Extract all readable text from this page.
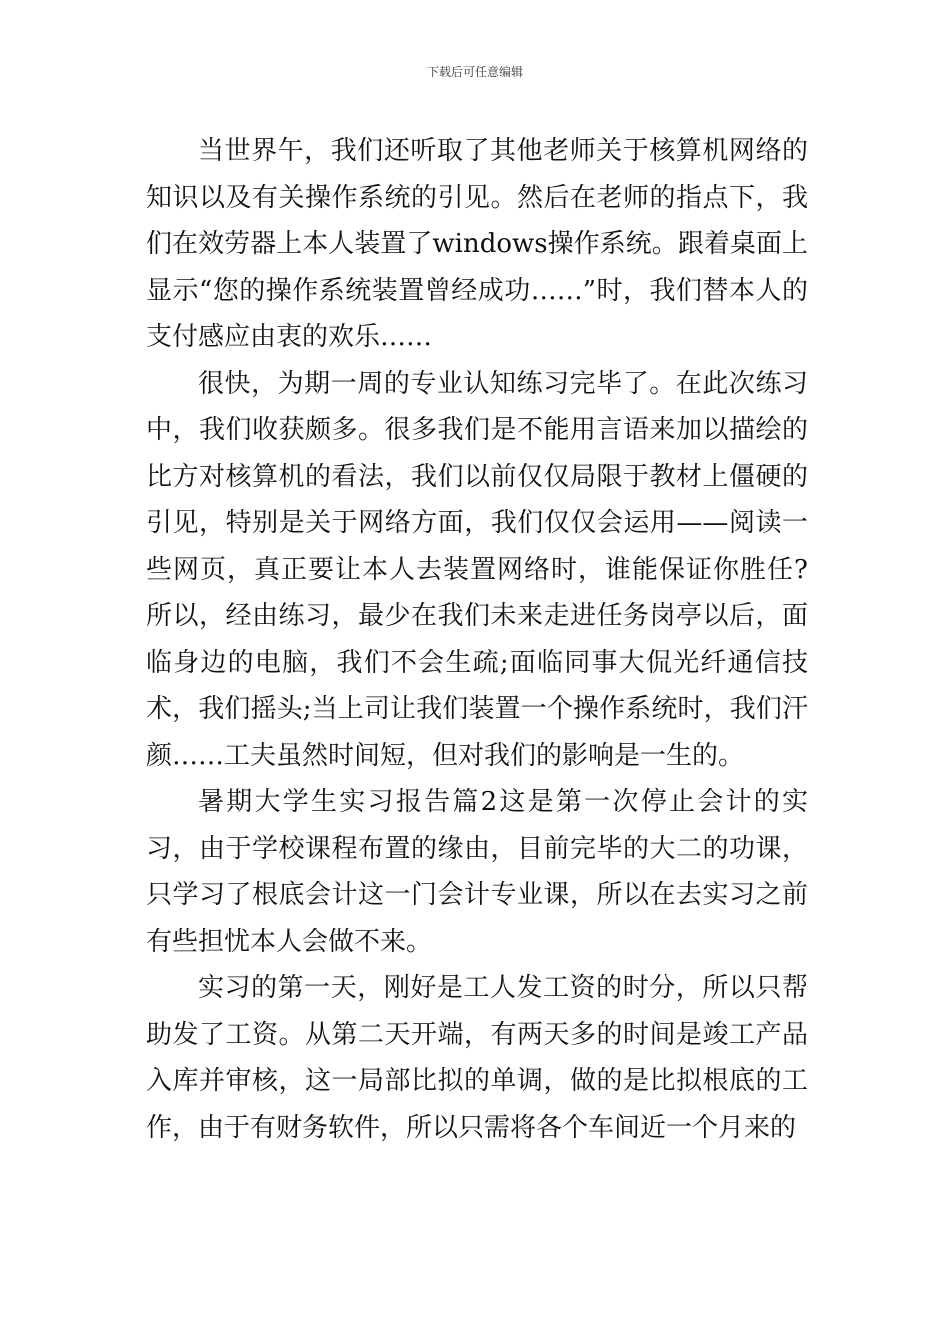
下载后可任意编辑

当世界午，我们还听取了其他老师关于核算机网络的知识以及有关操作系统的引见。然后在老师的指点下，我们在效劳器上本人装置了windows操作系统。跟着桌面上显示“您的操作系统装置曾经成功……”时，我们替本人的支付感应由衷的欢乐……

很快，为期一周的专业认知练习完毕了。在此次练习中，我们收获颇多。很多我们是不能用言语来加以描绘的比方对核算机的看法，我们以前仅仅局限于教材上僵硬的引见，特别是关于网络方面，我们仅仅会运用——阅读一些网页，真正要让本人去装置网络时，谁能保证你胜任?所以，经由练习，最少在我们未来走进任务岗亭以后，面临身边的电脑，我们不会生疏;面临同事大侃光纤通信技术，我们摇头;当上司让我们装置一个操作系统时，我们汗颜……工夫虽然时间短，但对我们的影响是一生的。

暑期大学生实习报告篇2这是第一次停止会计的实习，由于学校课程布置的缘由，目前完毕的大二的功课，只学习了根底会计这一门会计专业课，所以在去实习之前有些担忧本人会做不来。

实习的第一天，刚好是工人发工资的时分，所以只帮助发了工资。从第二天开端，有两天多的时间是竣工产品入库并审核，这一局部比拟的单调，做的是比拟根底的工作，由于有财务软件，所以只需将各个车间近一个月来的
